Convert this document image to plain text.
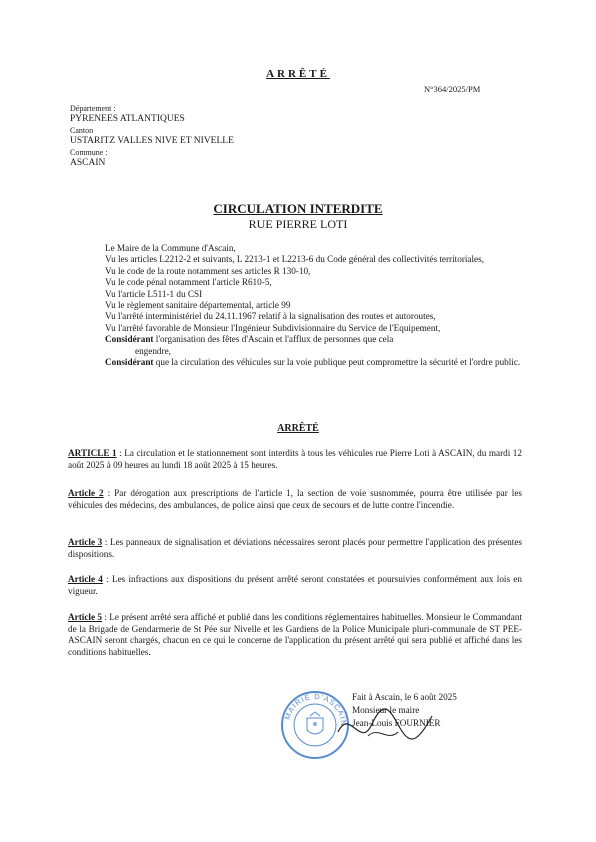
ARRÊTÉ
N°364/2025/PM
Département :
PYRENEES ATLANTIQUES
Canton
USTARITZ VALLES NIVE ET NIVELLE
Commune :
ASCAIN
CIRCULATION INTERDITE
RUE PIERRE LOTI

Le Maire de la Commune d'Ascain,

Vu les articles L2212-2 et suivants, L 2213-1 et L2213-6 du Code général des collectivités territoriales,

Vu le code de la route notamment ses articles R 130-10,

Vu le code pénal notamment l'article R610-5,

Vu l'article L511-1 du CSI

Vu le règlement sanitaire départemental, article 99

Vu l'arrêté interministériel du 24.11.1967 relatif à la signalisation des routes et autoroutes,

Vu l'arrêté favorable de Monsieur l'Ingénieur Subdivisionnaire du Service de l'Equipement,

Considérant l'organisation des fêtes d'Ascain et l'afflux de personnes que cela

engendre,

Considérant que la circulation des véhicules sur la voie publique peut compromettre la sécurité et l'ordre public.

ARRÊTÉ
ARTICLE 1 : La circulation et le stationnement sont interdits à tous les véhicules rue Pierre Loti à ASCAIN, du mardi 12 août 2025 à 09 heures au lundi 18 août 2025 à 15 heures.
Article 2 : Par dérogation aux prescriptions de l'article 1, la section de voie susnommée, pourra être utilisée par les véhicules des médecins, des ambulances, de police ainsi que ceux de secours et de lutte contre l'incendie.
Article 3 : Les panneaux de signalisation et déviations nécessaires seront placés pour permettre l'application des présentes dispositions.
Article 4 : Les infractions aux dispositions du présent arrêté seront constatées et poursuivies conformément aux lois en vigueur.
Article 5 : Le présent arrêté sera affiché et publié dans les conditions réglementaires habituelles. Monsieur le Commandant de la Brigade de Gendarmerie de St Pée sur Nivelle et les Gardiens de la Police Municipale pluri-communale de ST PEE-ASCAIN seront chargés, chacun en ce qui le concerne de l'application du présent arrêté qui sera publié et affiché dans les conditions habituelles.
MAIRIE D'ASCAIN
Fait à Ascain, le 6 août 2025
Monsieur le maire
Jean-Louis FOURNIER
